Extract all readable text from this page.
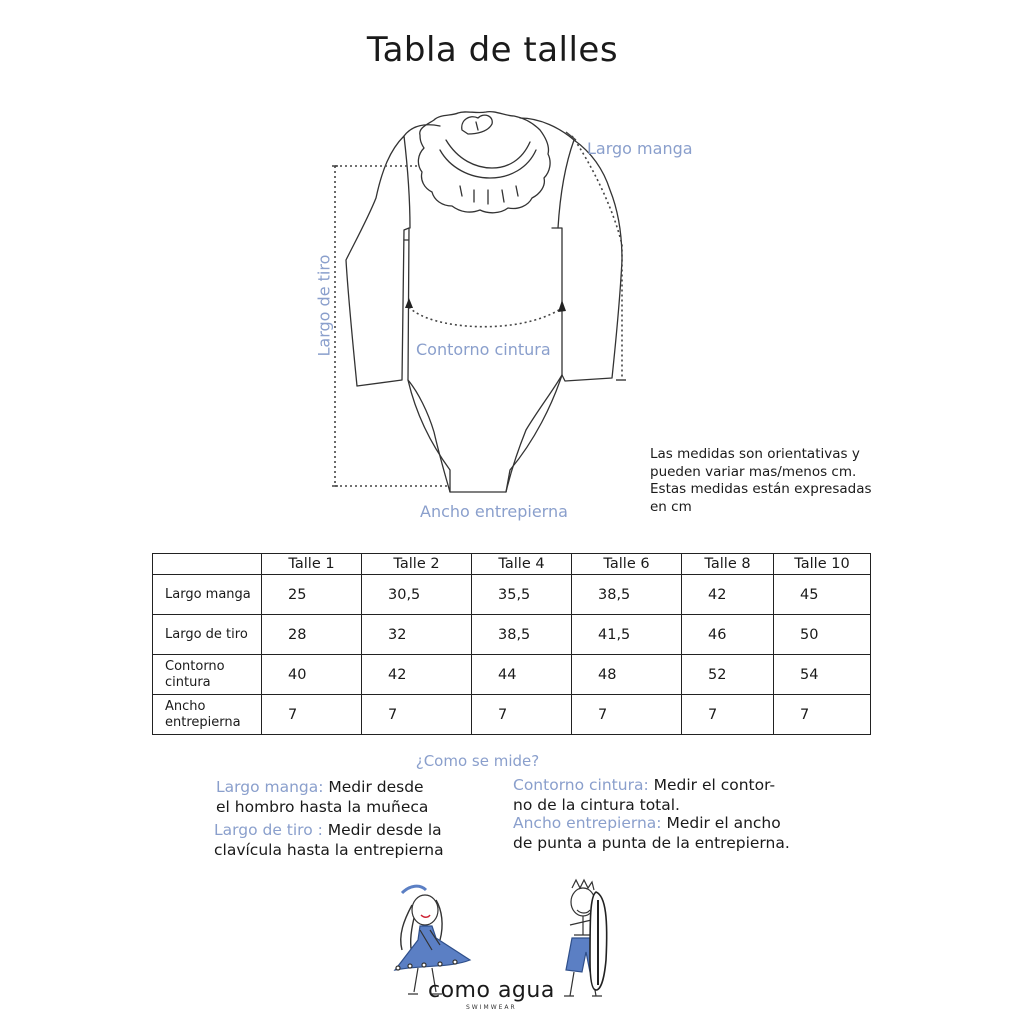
Tabla de talles
Largo manga
Largo de tiro	Contorno cintura
Ancho entrepierna
Las medidas son orientativas y
pueden variar mas/menos cm.
Estas medidas están expresadas
en cm
	Talle 1	Talle 2	Talle 4	Talle 6	Talle 8	Talle 10
Largo manga	25	30,5	35,5	38,5	42	45
Largo de tiro	28	32	38,5	41,5	46	50
Contorno cintura	40	42	44	48	52	54
Ancho entrepierna	7	7	7	7	7	7
¿Como se mide?
Largo manga: Medir desde
el hombro hasta la muñeca
Largo de tiro : Medir desde la
clavícula hasta la entrepierna
Contorno cintura: Medir el contor-
no de la cintura total.
Ancho entrepierna: Medir el ancho
de punta a punta de la entrepierna.
como agua
SWIMWEAR
